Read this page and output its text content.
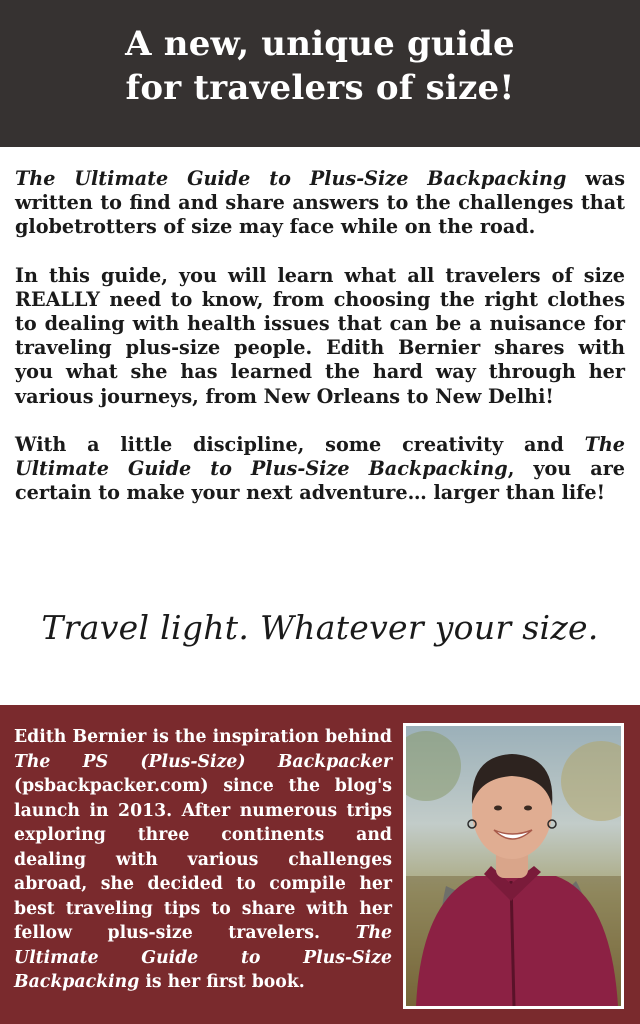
A new, unique guide
for travelers of size!

The Ultimate Guide to Plus-Size Backpacking was written to find and share answers to the challenges that globetrotters of size may face while on the road.

In this guide, you will learn what all travelers of size REALLY need to know, from choosing the right clothes to dealing with health issues that can be a nuisance for traveling plus-size people. Edith Bernier shares with you what she has learned the hard way through her various journeys, from New Orleans to New Delhi!

With a little discipline, some creativity and The Ultimate Guide to Plus-Size Backpacking, you are certain to make your next adventure… larger than life!

Travel light. Whatever your size.
Edith Bernier is the inspiration behind The PS (Plus-Size) Backpacker (psbackpacker.com) since the blog's launch in 2013. After numerous trips exploring three continents and dealing with various challenges abroad, she decided to compile her best traveling tips to share with her fellow plus-size travelers. The Ultimate Guide to Plus-Size Backpacking is her first book.
